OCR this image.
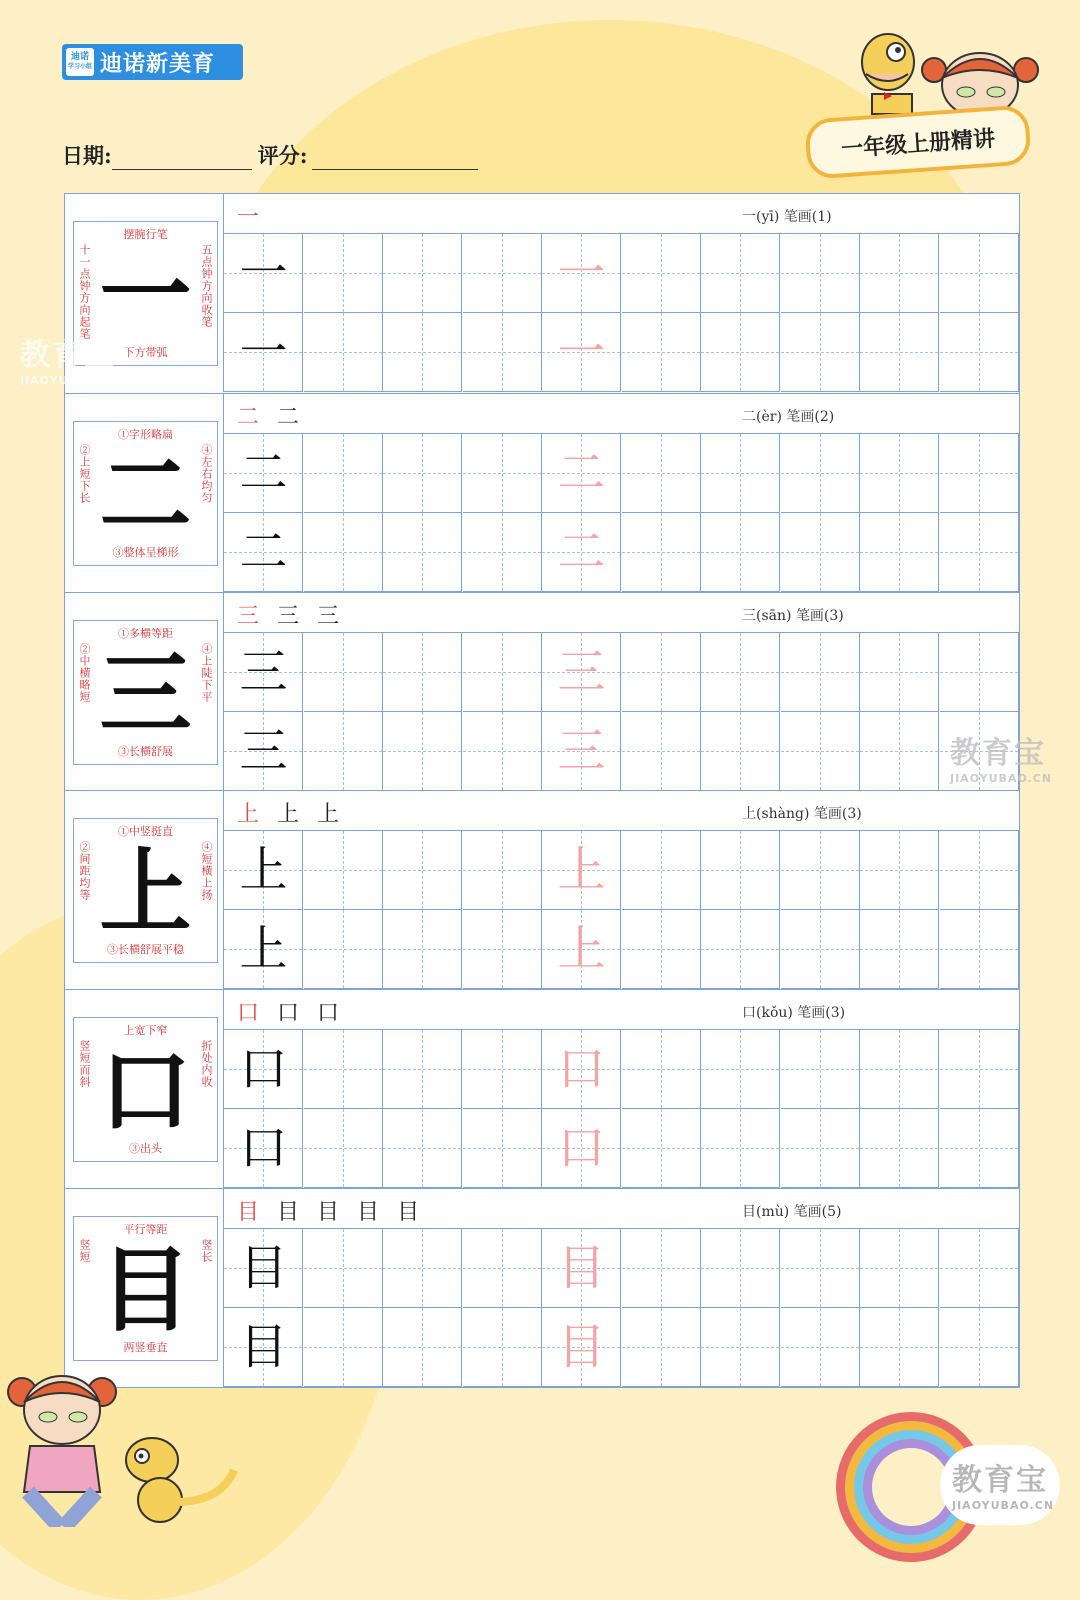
迪诺
学习小组 迪诺新美育
日期:	评分:	一年级上册精讲
摆腕行笔
十一点钟方向起笔	五点钟方向收笔
一
下方带弧
一	一(yī) 笔画(1)
一	一
一	一
①字形略扁
②上短下长	④左右均匀
二
③整体呈梯形
二 二	二(èr) 笔画(2)
二	二
二	二
①多横等距
②中横略短	④上陡下平
三
③长横舒展
三 三 三	三(sān) 笔画(3)
三	三
三	三
①中竖挺直
②间距均等	④短横上扬
上
③长横舒展平稳
上 上 上	上(shàng) 笔画(3)
上	上
上	上
上宽下窄
竖短而斜	折处内收
口
③出头
口 口 口	口(kǒu) 笔画(3)
口	口
口	口
平行等距
竖短	竖长
目
两竖垂直
目 目 目 目 目	目(mù) 笔画(5)
目	目
目	目
教育宝
JIAOYUBAO.CN
教育宝
JIAOYUBAO.CN
教育宝
JIAOYUBAO.CN
